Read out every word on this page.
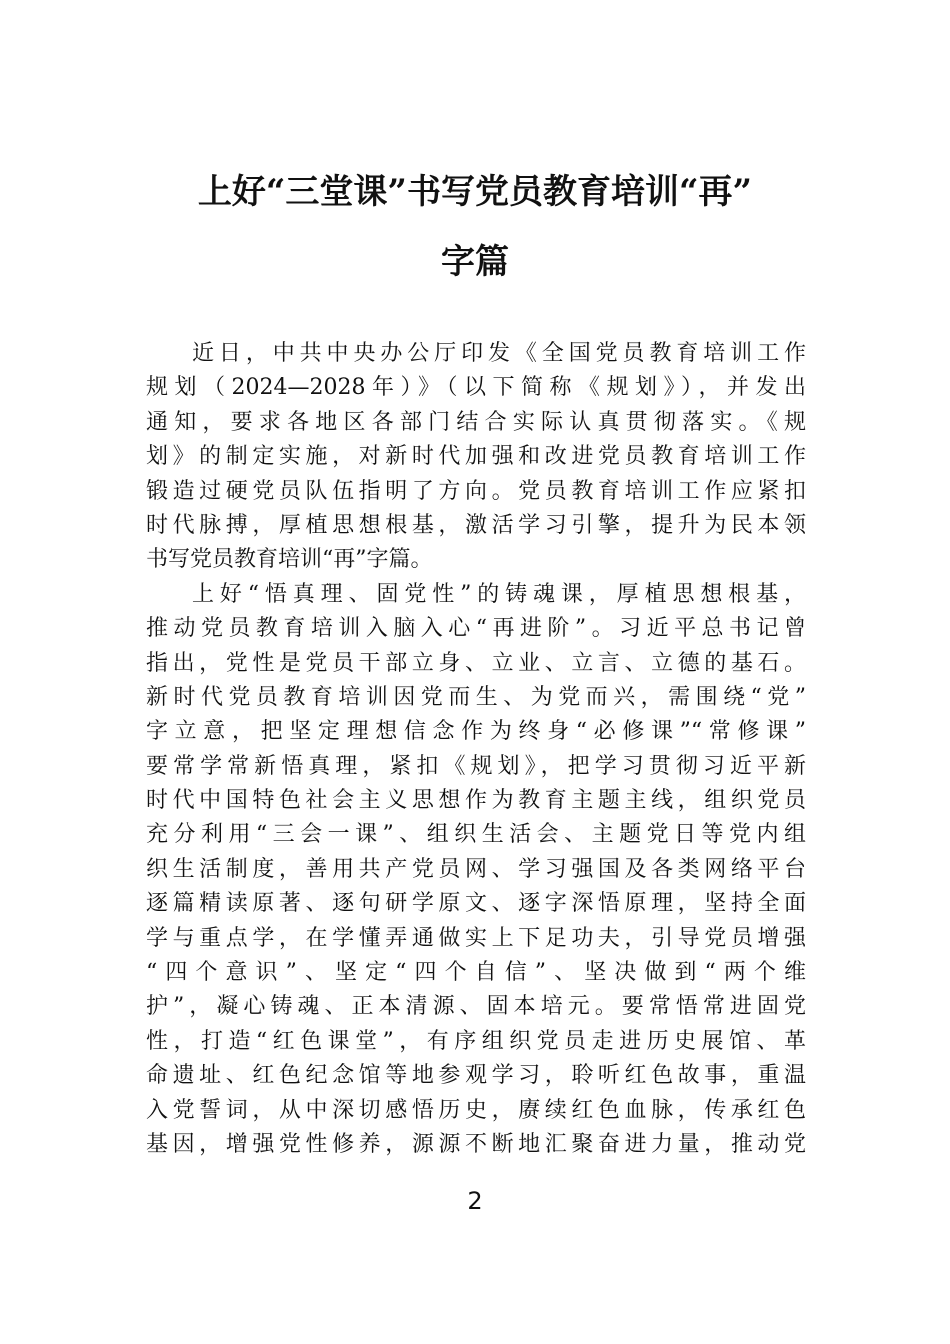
上好“三堂课”书写党员教育培训“再”
字篇
近日，中共中央办公厅印发《全国党员教育培训工作
规划（2024—2028年）》（以下简称《规划》），并发出
通知，要求各地区各部门结合实际认真贯彻落实。《规
划》的制定实施，对新时代加强和改进党员教育培训工作
锻造过硬党员队伍指明了方向。党员教育培训工作应紧扣
时代脉搏，厚植思想根基，激活学习引擎，提升为民本领
书写党员教育培训“再”字篇。
上好“悟真理、固党性”的铸魂课，厚植思想根基，
推动党员教育培训入脑入心“再进阶”。习近平总书记曾
指出，党性是党员干部立身、立业、立言、立德的基石。
新时代党员教育培训因党而生、为党而兴，需围绕“党”
字立意，把坚定理想信念作为终身“必修课”“常修课”
要常学常新悟真理，紧扣《规划》，把学习贯彻习近平新
时代中国特色社会主义思想作为教育主题主线，组织党员
充分利用“三会一课”、组织生活会、主题党日等党内组
织生活制度，善用共产党员网、学习强国及各类网络平台
逐篇精读原著、逐句研学原文、逐字深悟原理，坚持全面
学与重点学，在学懂弄通做实上下足功夫，引导党员增强
“四个意识”、坚定“四个自信”、坚决做到“两个维
护”，凝心铸魂、正本清源、固本培元。要常悟常进固党
性，打造“红色课堂”，有序组织党员走进历史展馆、革
命遗址、红色纪念馆等地参观学习，聆听红色故事，重温
入党誓词，从中深切感悟历史，赓续红色血脉，传承红色
基因，增强党性修养，源源不断地汇聚奋进力量，推动党
2
